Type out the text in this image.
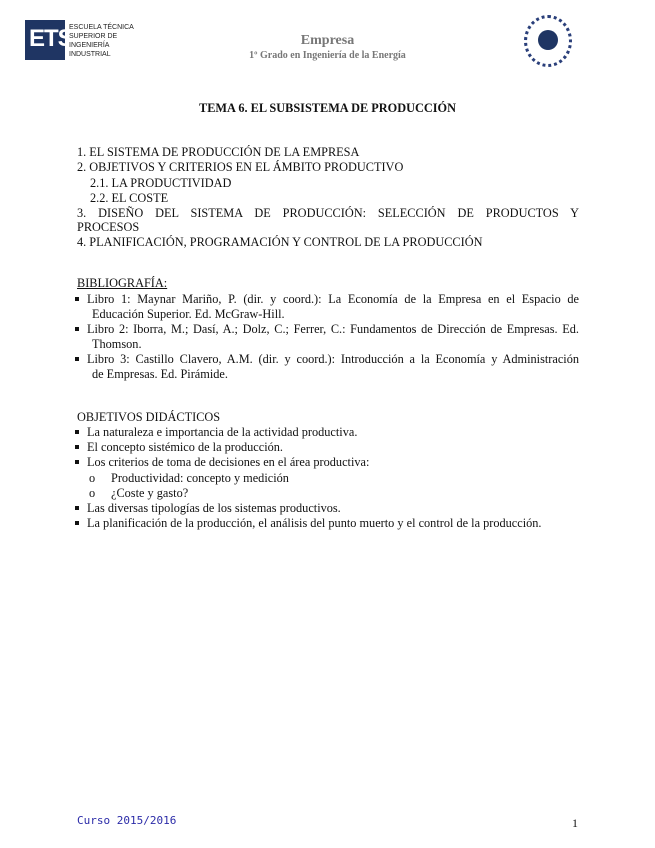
ETS
ESCUELA TÉCNICA
SUPERIOR DE
INGENIERÍA
INDUSTRIAL
Empresa
1º Grado en Ingeniería de la Energía
TEMA 6. EL SUBSISTEMA DE PRODUCCIÓN
1. EL SISTEMA DE PRODUCCIÓN DE LA EMPRESA
2. OBJETIVOS Y CRITERIOS EN EL ÁMBITO PRODUCTIVO
2.1. LA PRODUCTIVIDAD
2.2. EL COSTE
3. DISEÑO DEL SISTEMA DE PRODUCCIÓN: SELECCIÓN DE PRODUCTOS Y
PROCESOS
4. PLANIFICACIÓN, PROGRAMACIÓN Y CONTROL DE LA PRODUCCIÓN
BIBLIOGRAFÍA:
Libro 1: Maynar Mariño, P. (dir. y coord.): La Economía de la Empresa en el Espacio de
Educación Superior. Ed. McGraw-Hill.
Libro 2: Iborra, M.; Dasí, A.; Dolz, C.; Ferrer, C.: Fundamentos de Dirección de Empresas. Ed.
Thomson.
Libro 3: Castillo Clavero, A.M. (dir. y coord.): Introducción a la Economía y Administración
de Empresas. Ed. Pirámide.
OBJETIVOS DIDÁCTICOS
La naturaleza e importancia de la actividad productiva.
El concepto sistémico de la producción.
Los criterios de toma de decisiones en el área productiva:
o	Productividad: concepto y medición
o	¿Coste y gasto?
Las diversas tipologías de los sistemas productivos.
La planificación de la producción, el análisis del punto muerto y el control de la producción.
Curso 2015/2016	1
